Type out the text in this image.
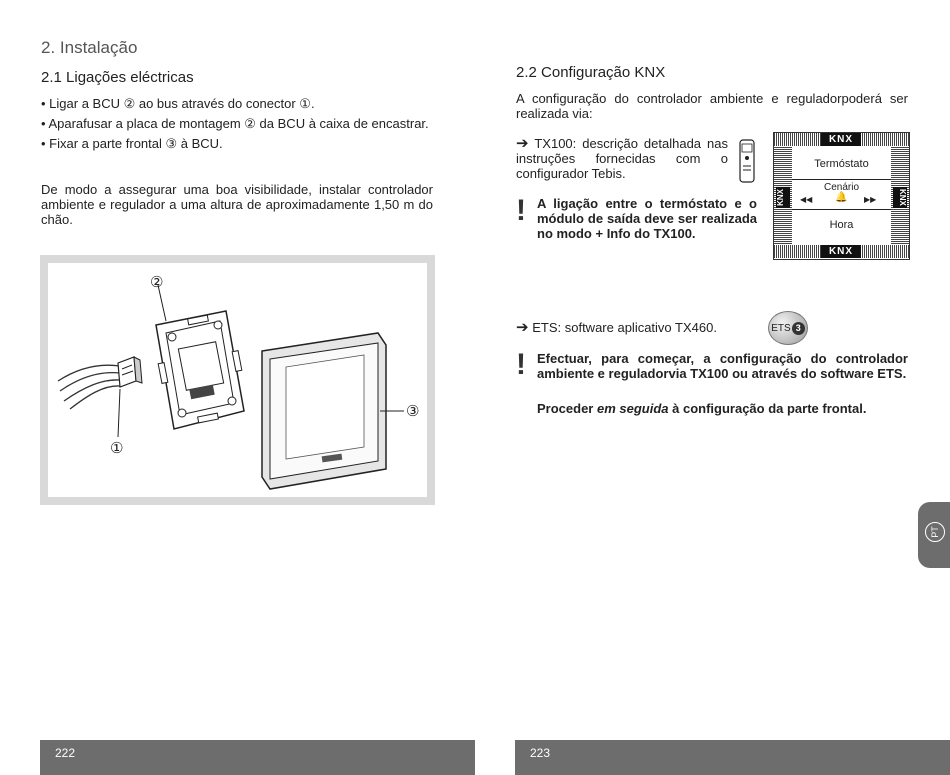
2. Instalação
2.1 Ligações eléctricas
• Ligar a BCU ② ao bus através do conector ①.
• Aparafusar a placa de montagem ② da BCU à caixa de encastrar.
• Fixar a parte frontal ③ à BCU.
De modo a assegurar uma boa visibilidade, instalar controlador ambiente e regulador a uma altura de aproximadamente 1,50 m do chão.
②
①
③
222
2.2 Configuração KNX
A configuração do controlador ambiente e reguladorpoderá ser realizada via:
➔ TX100: descrição detalhada nas instruções fornecidas com o configurador Tebis.
! A ligação entre o termóstato e o módulo de saída deve ser realizada no modo + Info do TX100.
KNX
KNX	KNX
Termóstato
Cenário
◀◀ 🔔 ▶▶
Hora
KNX
➔ ETS: software aplicativo TX460.	ETS 3
! Efectuar, para começar, a configuração do controlador ambiente e reguladorvia TX100 ou através do software ETS.
Proceder em seguida à configuração da parte frontal.
PT
223
